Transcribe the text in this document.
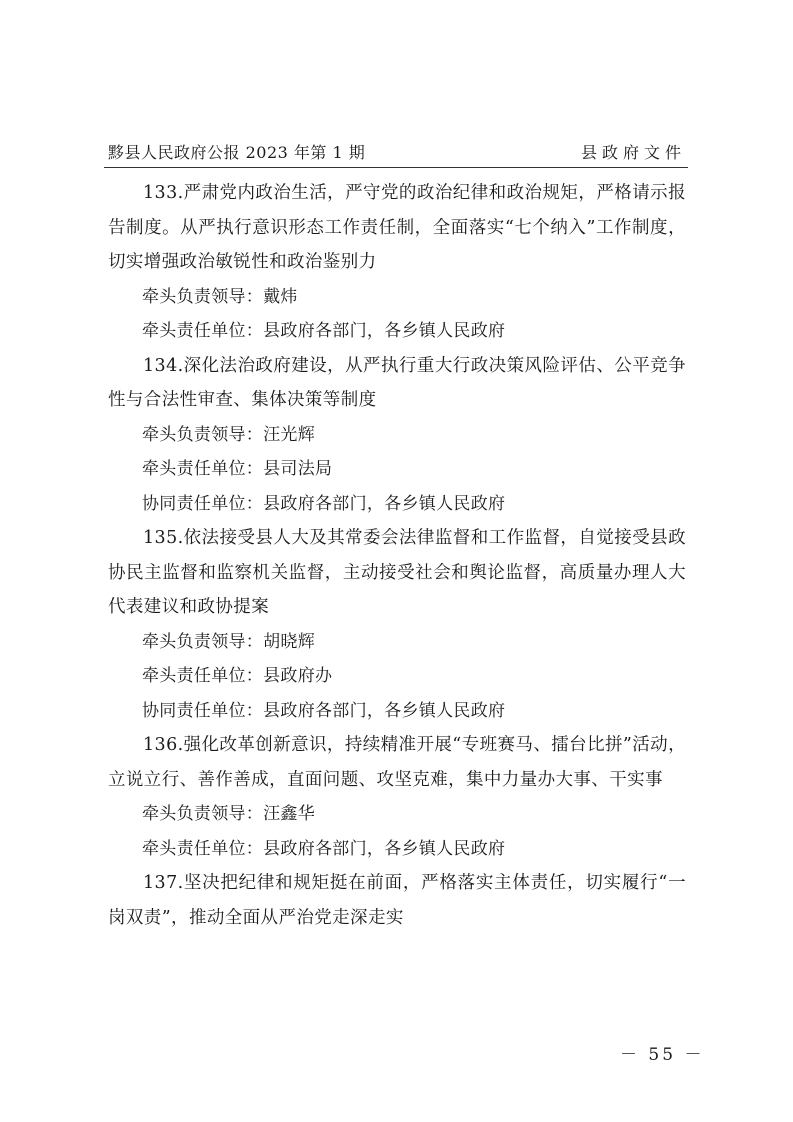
黟县人民政府公报 2023 年第 1 期	县政府文件

133.严肃党内政治生活，严守党的政治纪律和政治规矩，严格请示报告制度。从严执行意识形态工作责任制，全面落实“七个纳入”工作制度，切实增强政治敏锐性和政治鉴别力

牵头负责领导：戴炜

牵头责任单位：县政府各部门，各乡镇人民政府

134.深化法治政府建设，从严执行重大行政决策风险评估、公平竞争性与合法性审查、集体决策等制度

牵头负责领导：汪光辉

牵头责任单位：县司法局

协同责任单位：县政府各部门，各乡镇人民政府

135.依法接受县人大及其常委会法律监督和工作监督，自觉接受县政协民主监督和监察机关监督，主动接受社会和舆论监督，高质量办理人大代表建议和政协提案

牵头负责领导：胡晓辉

牵头责任单位：县政府办

协同责任单位：县政府各部门，各乡镇人民政府

136.强化改革创新意识，持续精准开展“专班赛马、擂台比拼”活动，立说立行、善作善成，直面问题、攻坚克难，集中力量办大事、干实事

牵头负责领导：汪鑫华

牵头责任单位：县政府各部门，各乡镇人民政府

137.坚决把纪律和规矩挺在前面，严格落实主体责任，切实履行“一岗双责”，推动全面从严治党走深走实

－ 55 －
